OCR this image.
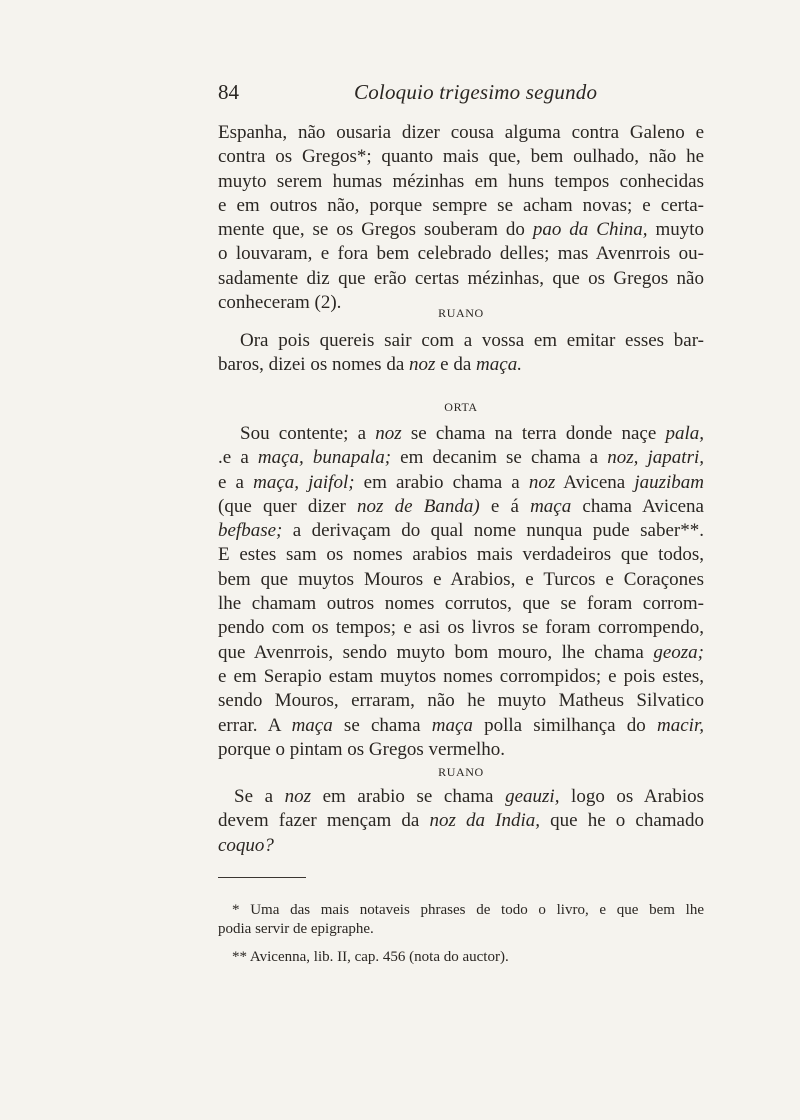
84	Coloquio trigesimo segundo
Espanha, não ousaria dizer cousa alguma contra Galeno e
contra os Gregos*; quanto mais que, bem oulhado, não he
muyto serem humas mézinhas em huns tempos conhecidas
e em outros não, porque sempre se acham novas; e certa-
mente que, se os Gregos souberam do pao da China, muyto
o louvaram, e fora bem celebrado delles; mas Avenrrois ou-
sadamente diz que erão certas mézinhas, que os Gregos não
conheceram (2).	RUANO
Ora pois quereis sair com a vossa em emitar esses bar-
baros, dizei os nomes da noz e da maça.
ORTA
Sou contente; a noz se chama na terra donde naçe pala,
.e a maça, bunapala; em decanim se chama a noz, japatri,
e a maça, jaifol; em arabio chama a noz Avicena jauzibam
(que quer dizer noz de Banda) e á maça chama Avicena
befbase; a derivaçam do qual nome nunqua pude saber**.
E estes sam os nomes arabios mais verdadeiros que todos,
bem que muytos Mouros e Arabios, e Turcos e Coraçones
lhe chamam outros nomes corrutos, que se foram corrom-
pendo com os tempos; e asi os livros se foram corrompendo,
que Avenrrois, sendo muyto bom mouro, lhe chama geoza;
e em Serapio estam muytos nomes corrompidos; e pois estes,
sendo Mouros, erraram, não he muyto Matheus Silvatico
errar. A maça se chama maça polla similhança do macir,
porque o pintam os Gregos vermelho.
RUANO
Se a noz em arabio se chama geauzi, logo os Arabios
devem fazer mençam da noz da India, que he o chamado
coquo?
* Uma das mais notaveis phrases de todo o livro, e que bem lhe
podia servir de epigraphe.
** Avicenna, lib. II, cap. 456 (nota do auctor).
